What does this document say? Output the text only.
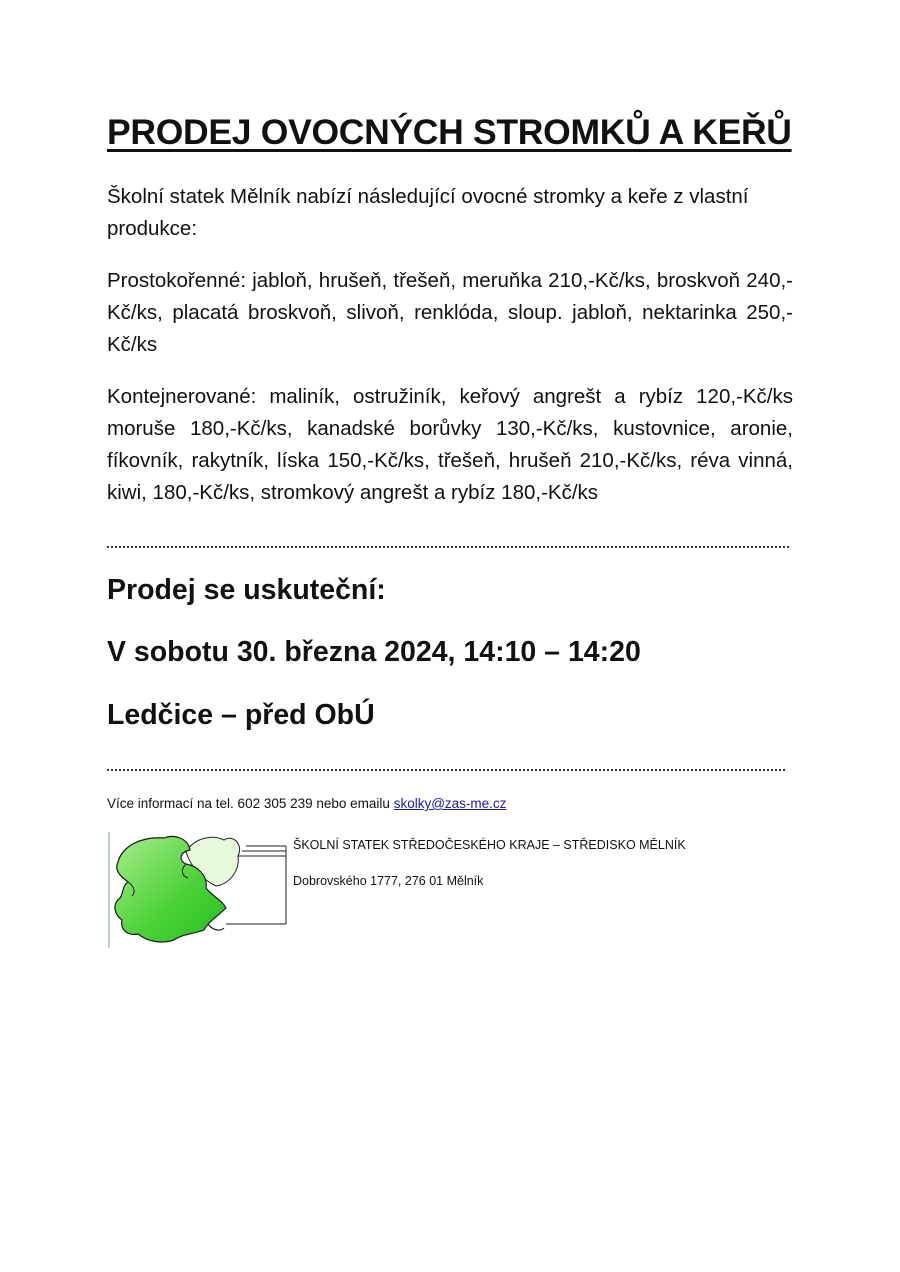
PRODEJ OVOCNÝCH STROMKŮ A KEŘŮ

Školní statek Mělník nabízí následující ovocné stromky a keře z vlastní produkce:

Prostokořenné: jabloň, hrušeň, třešeň, meruňka 210,-Kč/ks, broskvoň 240,-Kč/ks, placatá broskvoň, slivoň, renklóda, sloup. jabloň, nektarinka 250,-Kč/ks

Kontejnerované: maliník, ostružiník, keřový angrešt a rybíz 120,-Kč/ks moruše 180,-Kč/ks, kanadské borůvky 130,-Kč/ks, kustovnice, aronie, fíkovník, rakytník, líska 150,-Kč/ks, třešeň, hrušeň 210,-Kč/ks, réva vinná, kiwi, 180,-Kč/ks, stromkový angrešt a rybíz 180,-Kč/ks

Prodej se uskuteční:

V sobotu 30. března 2024, 14:10 – 14:20

Ledčice – před ObÚ

Více informací na tel. 602 305 239 nebo emailu skolky@zas-me.cz

ŠKOLNÍ STATEK STŘEDOČESKÉHO KRAJE – STŘEDISKO MĚLNÍK

Dobrovského 1777, 276 01 Mělník
